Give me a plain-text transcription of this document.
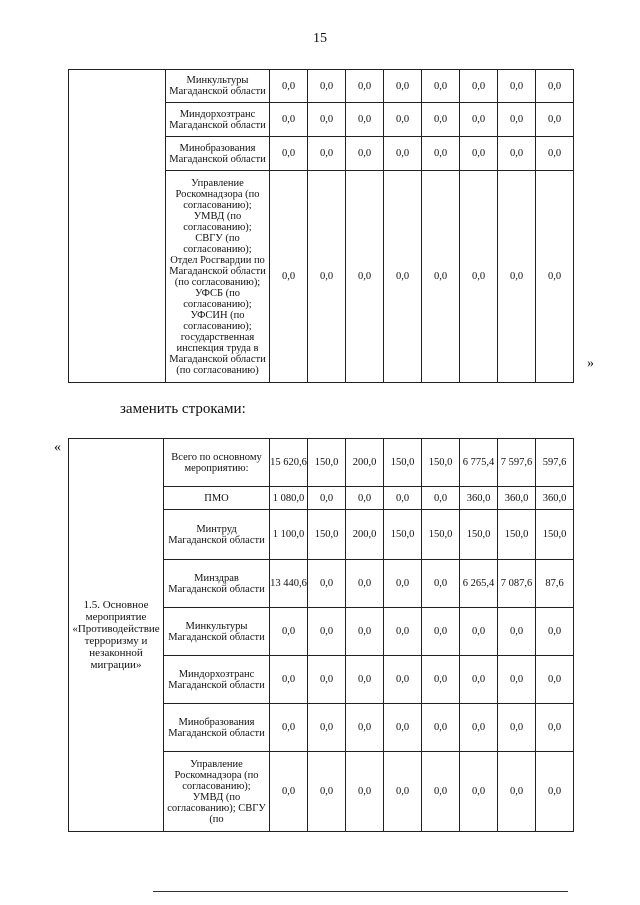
15
	Минкультуры Магаданской области	0,0	0,0	0,0	0,0	0,0	0,0	0,0	0,0
	Миндорхозтранс Магаданской области	0,0	0,0	0,0	0,0	0,0	0,0	0,0	0,0
	Минобразования Магаданской области	0,0	0,0	0,0	0,0	0,0	0,0	0,0	0,0
	Управление Роскомнадзора (по согласованию); УМВД (по согласованию); СВГУ (по согласованию); Отдел Росгвардии по Магаданской области (по согласованию); УФСБ (по согласованию); УФСИН (по согласованию); государственная инспекция труда в Магаданской области (по согласованию)	0,0	0,0	0,0	0,0	0,0	0,0	0,0	0,0
»
заменить строками:
«
1.5. Основное мероприятие «Противодействие терроризму и незаконной миграции»	Всего по основному мероприятию:	15 620,6	150,0	200,0	150,0	150,0	6 775,4	7 597,6	597,6
	ПМО	1 080,0	0,0	0,0	0,0	0,0	360,0	360,0	360,0
	Минтруд Магаданской области	1 100,0	150,0	200,0	150,0	150,0	150,0	150,0	150,0
	Минздрав Магаданской области	13 440,6	0,0	0,0	0,0	0,0	6 265,4	7 087,6	87,6
	Минкультуры Магаданской области	0,0	0,0	0,0	0,0	0,0	0,0	0,0	0,0
	Миндорхозтранс Магаданской области	0,0	0,0	0,0	0,0	0,0	0,0	0,0	0,0
	Минобразования Магаданской области	0,0	0,0	0,0	0,0	0,0	0,0	0,0	0,0
	Управление Роскомнадзора (по согласованию); УМВД (по согласованию); СВГУ (по	0,0	0,0	0,0	0,0	0,0	0,0	0,0	0,0
